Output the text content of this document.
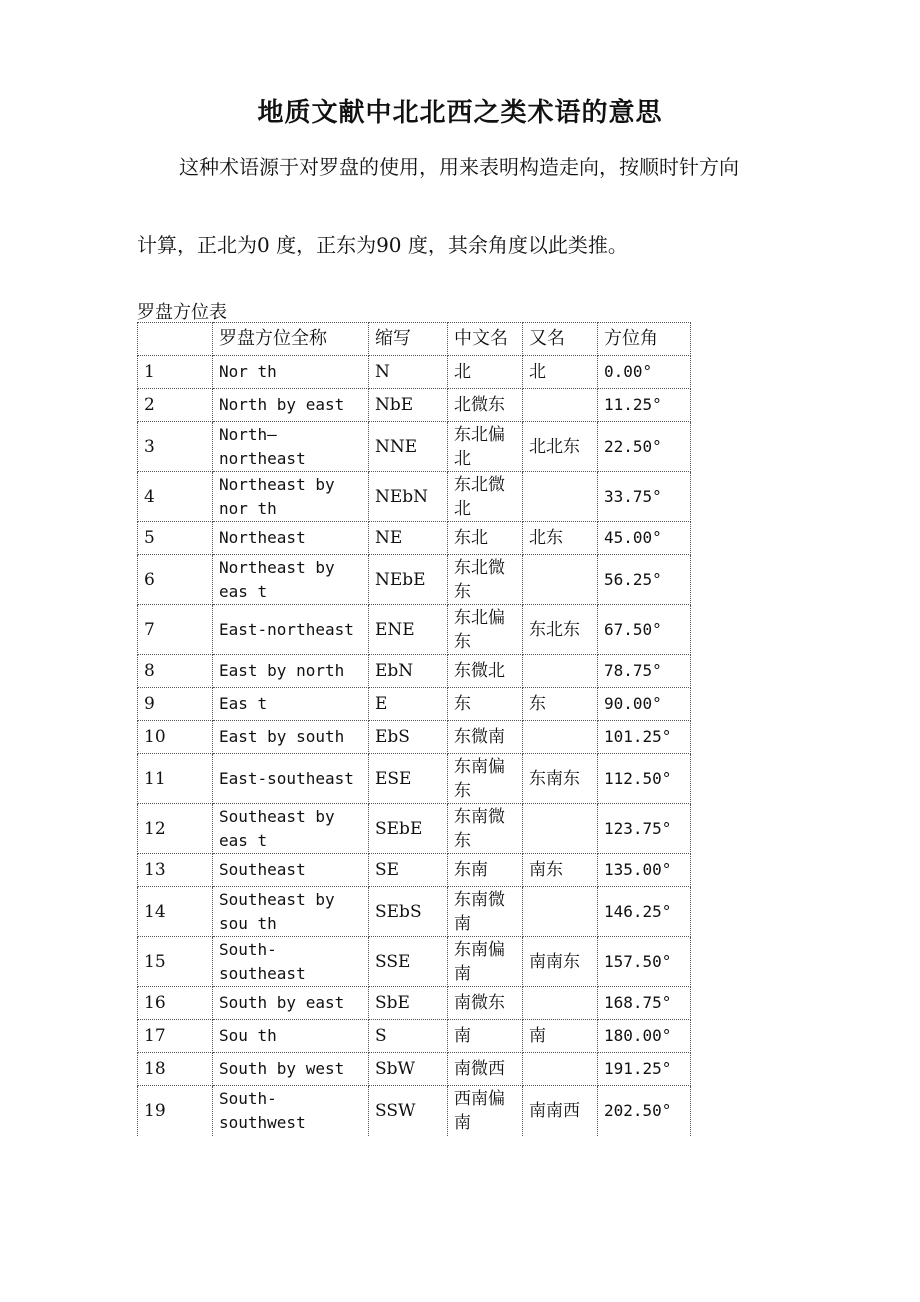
地质文献中北北西之类术语的意思

这种术语源于对罗盘的使用，用来表明构造走向，按顺时针方向

计算，正北为0 度，正东为90 度，其余角度以此类推。

罗盘方位表
	罗盘方位全称	缩写	中文名	又名	方位角
1	Nor th	N	北	北	0.00°
2	North by east	NbE	北微东		11.25°
3	North—northeast	NNE	东北偏北	北北东	22.50°
4	Northeast by nor th	NEbN	东北微北		33.75°
5	Northeast	NE	东北	北东	45.00°
6	Northeast by eas t	NEbE	东北微东		56.25°
7	East-northeast	ENE	东北偏东	东北东	67.50°
8	East by north	EbN	东微北		78.75°
9	Eas t	E	东	东	90.00°
10	East by south	EbS	东微南		101.25°
11	East-southeast	ESE	东南偏东	东南东	112.50°
12	Southeast by eas t	SEbE	东南微东		123.75°
13	Southeast	SE	东南	南东	135.00°
14	Southeast by sou th	SEbS	东南微南		146.25°
15	South-southeast	SSE	东南偏南	南南东	157.50°
16	South by east	SbE	南微东		168.75°
17	Sou th	S	南	南	180.00°
18	South by west	SbW	南微西		191.25°
19	South-southwest	SSW	西南偏南	南南西	202.50°
